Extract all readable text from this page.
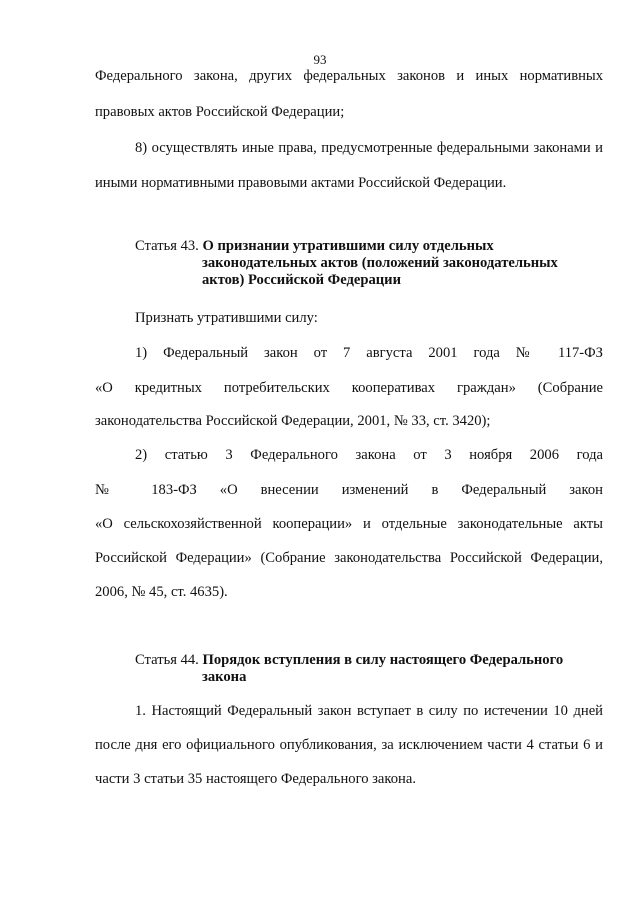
93
Федерального закона, других федеральных законов и иных нормативных
правовых актов Российской Федерации;
8) осуществлять иные права, предусмотренные федеральными законами и
иными нормативными правовыми актами Российской Федерации.
Статья 43. О признании утратившими силу отдельных
законодательных актов (положений законодательных
актов) Российской Федерации
Признать утратившими силу:
1) Федеральный закон от 7 августа 2001 года № 117-ФЗ
«О кредитных потребительских кооперативах граждан» (Собрание
законодательства Российской Федерации, 2001, № 33, ст. 3420);
2) статью 3 Федерального закона от 3 ноября 2006 года
№ 183-ФЗ «О внесении изменений в Федеральный закон
«О сельскохозяйственной кооперации» и отдельные законодательные акты
Российской Федерации» (Собрание законодательства Российской Федерации,
2006, № 45, ст. 4635).
Статья 44. Порядок вступления в силу настоящего Федерального
закона
1. Настоящий Федеральный закон вступает в силу по истечении 10 дней
после дня его официального опубликования, за исключением части 4 статьи 6 и
части 3 статьи 35 настоящего Федерального закона.
